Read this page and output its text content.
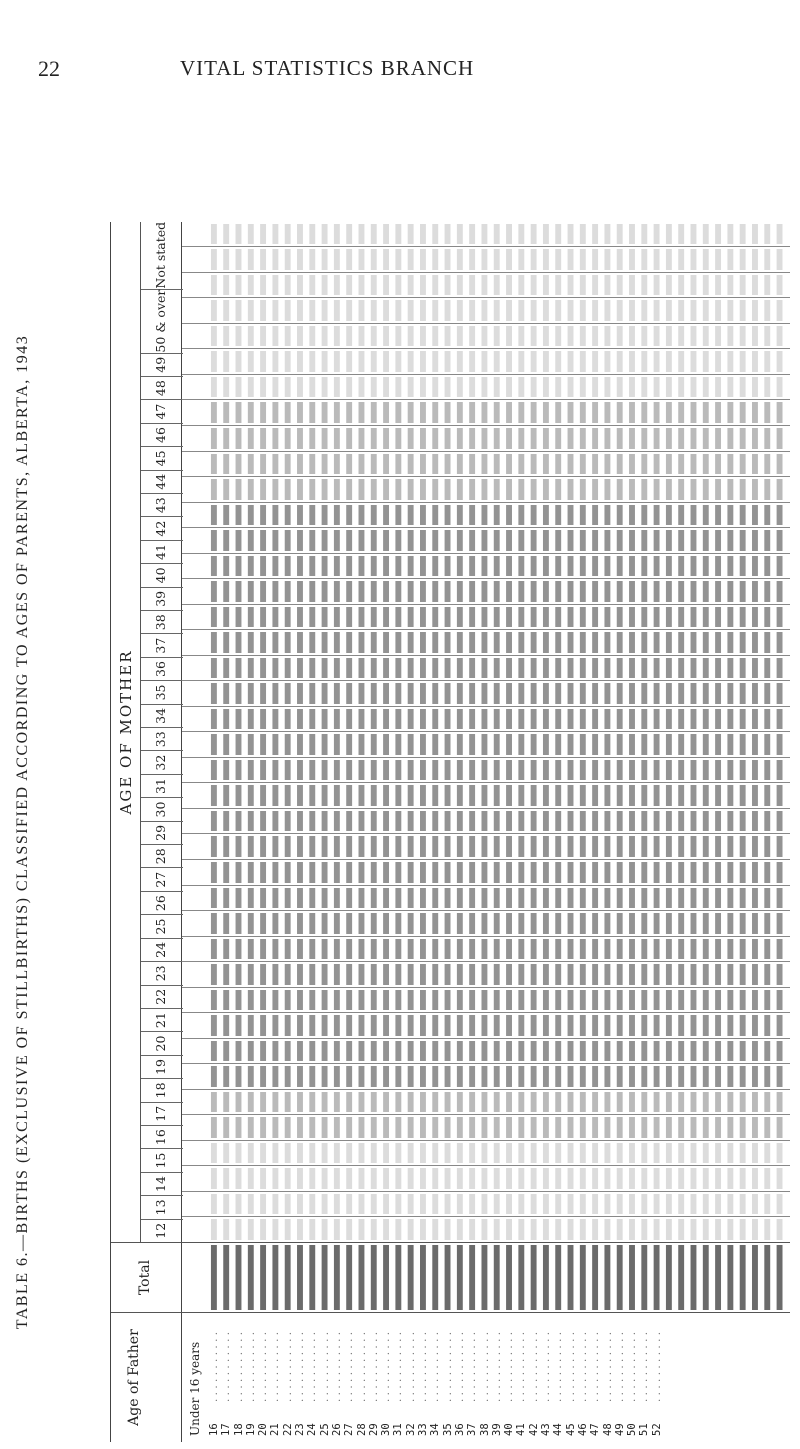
22	VITAL STATISTICS BRANCH
TABLE 6.—BIRTHS (EXCLUSIVE OF STILLBIRTHS) CLASSIFIED ACCORDING TO AGES OF PARENTS, ALBERTA, 1943
Age of Father
Total
AGE OF MOTHER
12
13
14
15
16
17
18
19
20
21
22
23
24
25
26
27
28
29
30
31
32
33
34
35
36
37
38
39
40
41
42
43
44
45
46
47
48
49
50 & over
Not stated
Under 16 years 16 17 18 19 20 21 22 23 24 25 26 27 28 29 30 31 32 33 34 35 36 37 38 39 40 41 42 43 44 45 46 47 48 49 50 51 52
. . . . . . . . . . . . . . . . . . . . . . . . . . . . . . . . . . . . . . . . . . . . . . . . . . . . . . . . . . . . . . . . . . . . . . . . . . . . . . . . . . . . . . . . . . . . . . . . . . . . . . . . . . . . . . . . . . . . . . . . . . . . . . . . . . . . . . . . . . . . . . . . . . . . . . . . . . . . . . . . . . . . . . . . . . . . . . . . . . . . . . . . . . . . . . . . . . . . . . . . . . . . . . . . . . . . . . . . . . . . . . . . . . . . . . . . . . . . . . . . . . . . . . . . . . . . . . . . . . . . . . . . . . . . . . . . . . . . . . . . . . . . . . . . . . . . . . . . . . . . . . . . . . . . . . . . . . . . . . . . . . . . . . . . . . . . . . . . . . . . . . . . . . . . . . . . . . . . . . . . . . . . . . . . . . . . . . . . . . . . . . . . . . . . . . . . . . . . . . . . . . . . . . .
